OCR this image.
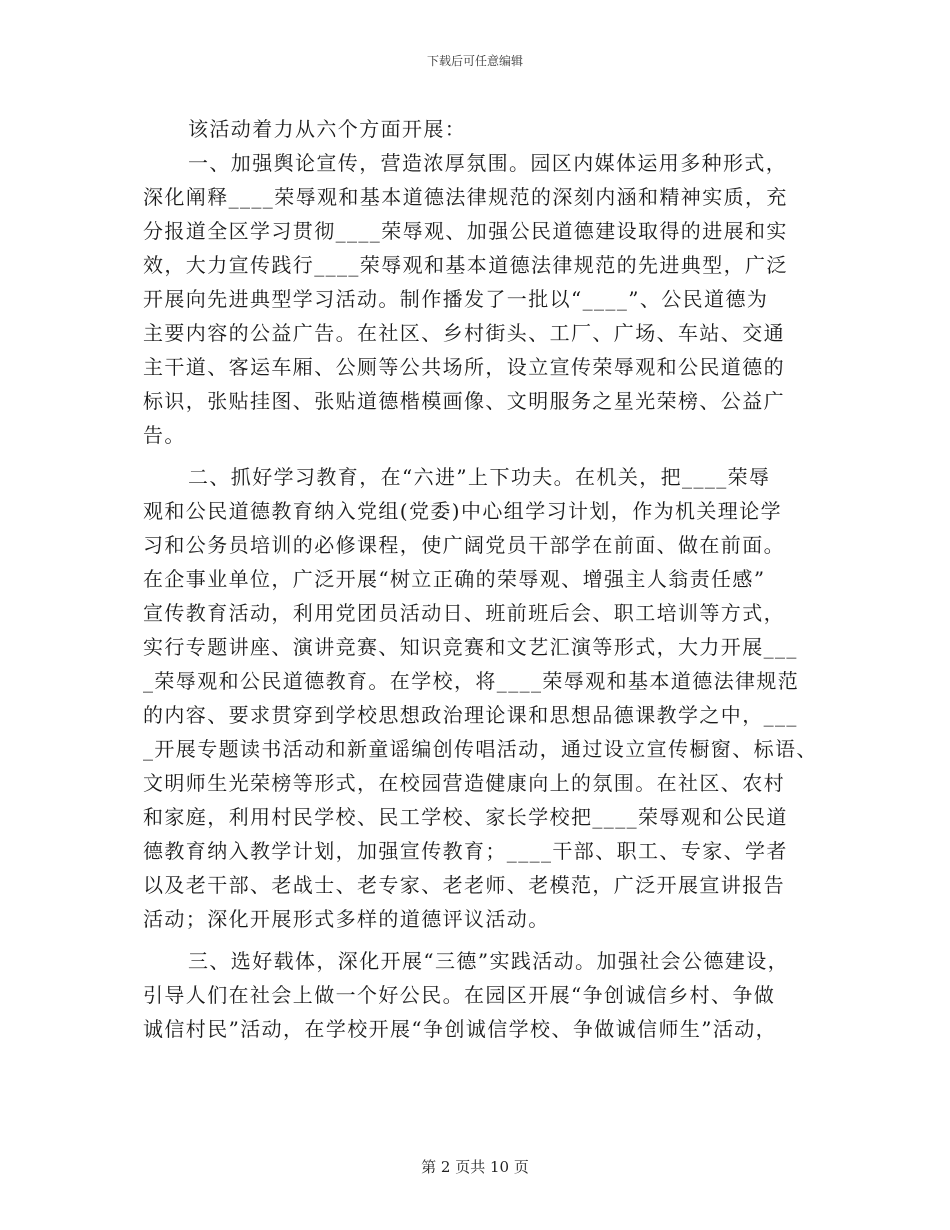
下载后可任意编辑
该活动着力从六个方面开展：
一、加强舆论宣传，营造浓厚氛围。园区内媒体运用多种形式，
深化阐释____荣辱观和基本道德法律规范的深刻内涵和精神实质，充
分报道全区学习贯彻____荣辱观、加强公民道德建设取得的进展和实
效，大力宣传践行____荣辱观和基本道德法律规范的先进典型，广泛
开展向先进典型学习活动。制作播发了一批以“____”、公民道德为
主要内容的公益广告。在社区、乡村街头、工厂、广场、车站、交通
主干道、客运车厢、公厕等公共场所，设立宣传荣辱观和公民道德的
标识，张贴挂图、张贴道德楷模画像、文明服务之星光荣榜、公益广
告。
二、抓好学习教育，在“六进”上下功夫。在机关，把____荣辱
观和公民道德教育纳入党组(党委)中心组学习计划，作为机关理论学
习和公务员培训的必修课程，使广阔党员干部学在前面、做在前面。
在企事业单位，广泛开展“树立正确的荣辱观、增强主人翁责任感”
宣传教育活动，利用党团员活动日、班前班后会、职工培训等方式，
实行专题讲座、演讲竞赛、知识竞赛和文艺汇演等形式，大力开展___
_荣辱观和公民道德教育。在学校，将____荣辱观和基本道德法律规范
的内容、要求贯穿到学校思想政治理论课和思想品德课教学之中，___
_开展专题读书活动和新童谣编创传唱活动，通过设立宣传橱窗、标语、
文明师生光荣榜等形式，在校园营造健康向上的氛围。在社区、农村
和家庭，利用村民学校、民工学校、家长学校把____荣辱观和公民道
德教育纳入教学计划，加强宣传教育；____干部、职工、专家、学者
以及老干部、老战士、老专家、老老师、老模范，广泛开展宣讲报告
活动；深化开展形式多样的道德评议活动。
三、选好载体，深化开展“三德”实践活动。加强社会公德建设，
引导人们在社会上做一个好公民。在园区开展“争创诚信乡村、争做
诚信村民”活动，在学校开展“争创诚信学校、争做诚信师生”活动，
第 2 页共 10 页
